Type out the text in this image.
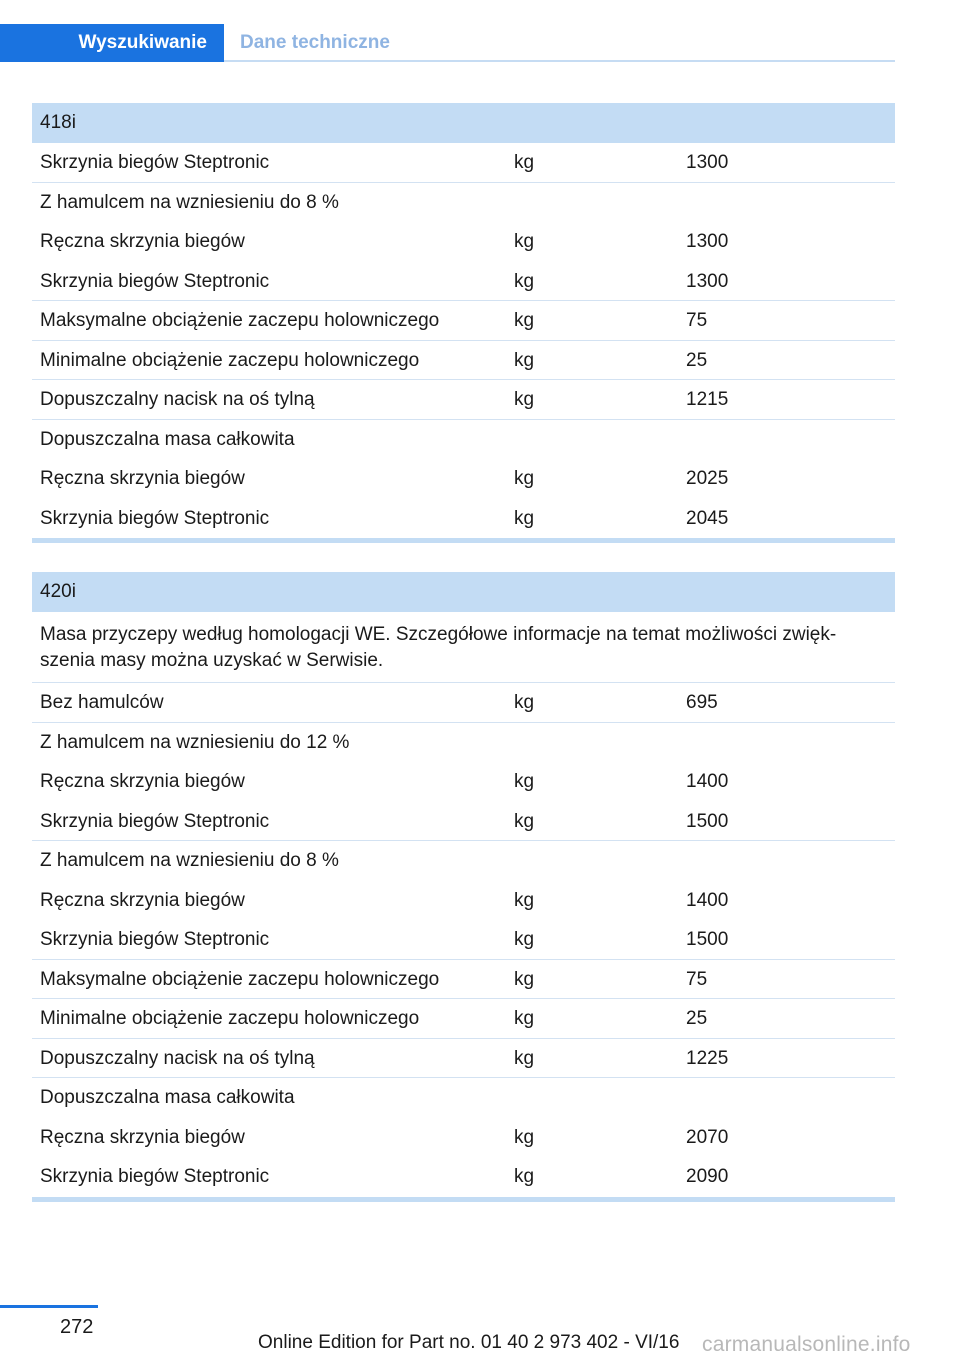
Wyszukiwanie	Dane techniczne
418i
Skrzynia biegów Steptronic	kg	1300
Z hamulcem na wzniesieniu do 8 %
Ręczna skrzynia biegów	kg	1300
Skrzynia biegów Steptronic	kg	1300
Maksymalne obciążenie zaczepu holowniczego	kg	75
Minimalne obciążenie zaczepu holowniczego	kg	25
Dopuszczalny nacisk na oś tylną	kg	1215
Dopuszczalna masa całkowita
Ręczna skrzynia biegów	kg	2025
Skrzynia biegów Steptronic	kg	2045
420i
Masa przyczepy według homologacji WE. Szczegółowe informacje na temat możliwości zwięk-szenia masy można uzyskać w Serwisie.
Bez hamulców	kg	695
Z hamulcem na wzniesieniu do 12 %
Ręczna skrzynia biegów	kg	1400
Skrzynia biegów Steptronic	kg	1500
Z hamulcem na wzniesieniu do 8 %
Ręczna skrzynia biegów	kg	1400
Skrzynia biegów Steptronic	kg	1500
Maksymalne obciążenie zaczepu holowniczego	kg	75
Minimalne obciążenie zaczepu holowniczego	kg	25
Dopuszczalny nacisk na oś tylną	kg	1225
Dopuszczalna masa całkowita
Ręczna skrzynia biegów	kg	2070
Skrzynia biegów Steptronic	kg	2090
272
Online Edition for Part no. 01 40 2 973 402 - VI/16 carmanualsonline.info
